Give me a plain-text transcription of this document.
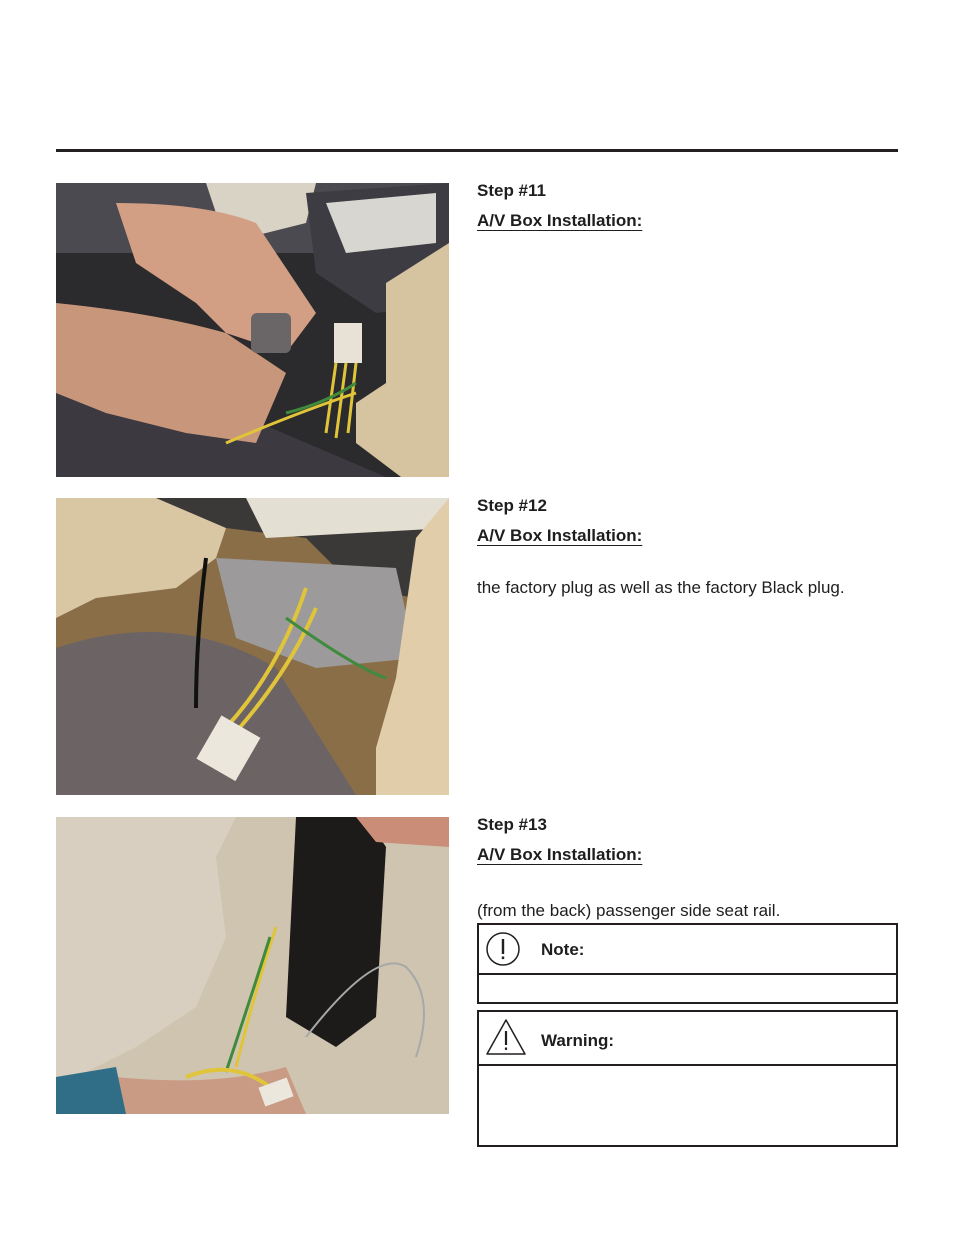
Step #11
A/V Box Installation:
Step #12
A/V Box Installation:
the factory plug as well as the factory Black plug.
Step #13
A/V Box Installation:
(from the back) passenger side seat rail.
Note:
Warning:
